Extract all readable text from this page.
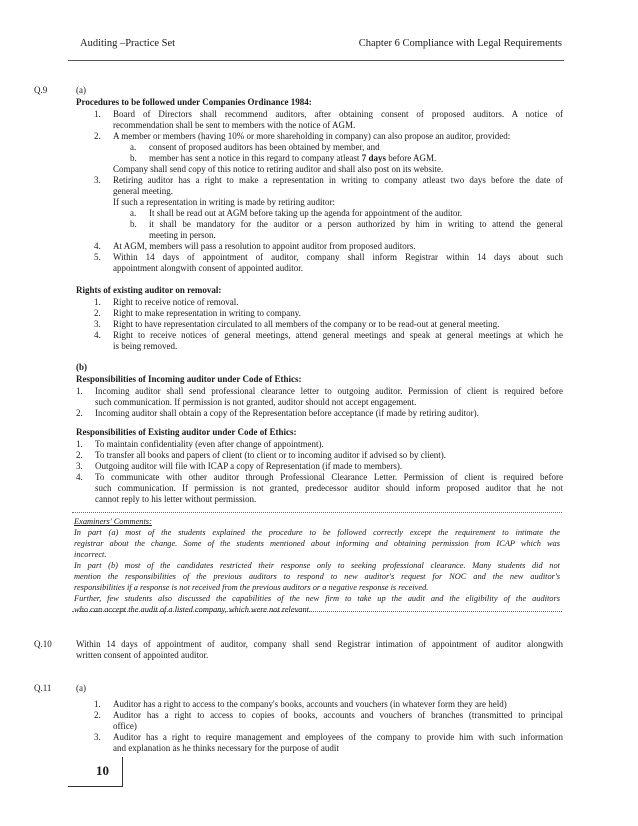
Auditing –Practice Set	Chapter 6 Compliance with Legal Requirements
Q.9	(a)
Procedures to be followed under Companies Ordinance 1984:
1. Board of Directors shall recommend auditors, after obtaining consent of proposed auditors. A notice of
recommendation shall be sent to members with the notice of AGM.
2. A member or members (having 10% or more shareholding in company) can also propose an auditor, provided:
a. consent of proposed auditors has been obtained by member, and
b. member has sent a notice in this regard to company atleast 7 days before AGM.
Company shall send copy of this notice to retiring auditor and shall also post on its website.
3. Retiring auditor has a right to make a representation in writing to company atleast two days before the date of
general meeting.
If such a representation in writing is made by retiring auditor:
a. It shall be read out at AGM before taking up the agenda for appointment of the auditor.
b. it shall be mandatory for the auditor or a person authorized by him in writing to attend the general
meeting in person.
4. At AGM, members will pass a resolution to appoint auditor from proposed auditors.
5. Within 14 days of appointment of auditor, company shall inform Registrar within 14 days about such
appointment alongwith consent of appointed auditor.
Rights of existing auditor on removal:
1. Right to receive notice of removal.
2. Right to make representation in writing to company.
3. Right to have representation circulated to all members of the company or to be read-out at general meeting.
4. Right to receive notices of general meetings, attend general meetings and speak at general meetings at which he
is being removed.
(b)
Responsibilities of Incoming auditor under Code of Ethics:
1. Incoming auditor shall send professional clearance letter to outgoing auditor. Permission of client is required before
such communication. If permission is not granted, auditor should not accept engagement.
2. Incoming auditor shall obtain a copy of the Representation before acceptance (if made by retiring auditor).
Responsibilities of Existing auditor under Code of Ethics:
1. To maintain confidentiality (even after change of appointment).
2. To transfer all books and papers of client (to client or to incoming auditor if advised so by client).
3. Outgoing auditor will file with ICAP a copy of Representation (if made to members).
4. To communicate with other auditor through Professional Clearance Letter. Permission of client is required before
such communication. If permission is not granted, predecessor auditor should inform proposed auditor that he not
cannot reply to his letter without permission.
Examiners' Comments:
In part (a) most of the students explained the procedure to be followed correctly except the requirement to intimate the
registrar about the change. Some of the students mentioned about informing and obtaining permission from ICAP which was
incorrect.
In part (b) most of the candidates restricted their response only to seeking professional clearance. Many students did not
mention the responsibilities of the previous auditors to respond to new auditor's request for NOC and the new auditor's
responsibilities if a response is not received from the previous auditors or a negative response is received.
Further, few students also discussed the capabilities of the new firm to take up the audit and the eligibility of the auditors
who can accept the audit of a listed company, which were not relevant.
Q.10	Within 14 days of appointment of auditor, company shall send Registrar intimation of appointment of auditor alongwith
written consent of appointed auditor.
Q.11	(a)
1. Auditor has a right to access to the company's books, accounts and vouchers (in whatever form they are held)
2. Auditor has a right to access to copies of books, accounts and vouchers of branches (transmitted to principal
office)
3. Auditor has a right to require management and employees of the company to provide him with such information
and explanation as he thinks necessary for the purpose of audit
10
